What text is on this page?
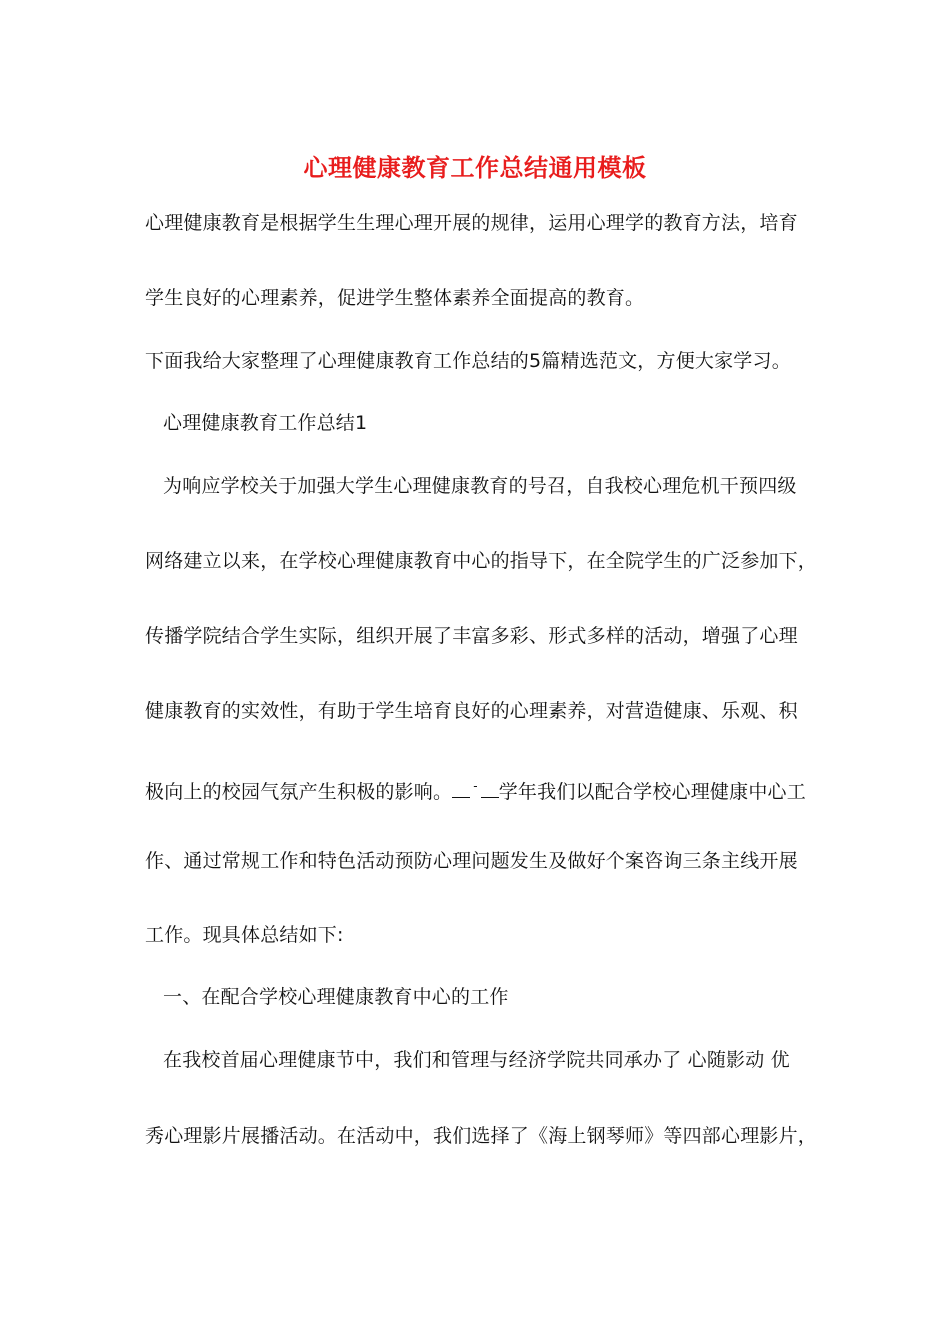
心理健康教育工作总结通用模板
心理健康教育是根据学生生理心理开展的规律，运用心理学的教育方法，培育
学生良好的心理素养，促进学生整体素养全面提高的教育。
下面我给大家整理了心理健康教育工作总结的5篇精选范文，方便大家学习。
心理健康教育工作总结1
为响应学校关于加强大学生心理健康教育的号召，自我校心理危机干预四级
网络建立以来，在学校心理健康教育中心的指导下，在全院学生的广泛参加下，
传播学院结合学生实际，组织开展了丰富多彩、形式多样的活动，增强了心理
健康教育的实效性，有助于学生培育良好的心理素养，对营造健康、乐观、积
极向上的校园气氛产生积极的影响。 - 学年我们以配合学校心理健康中心工
作、通过常规工作和特色活动预防心理问题发生及做好个案咨询三条主线开展
工作。现具体总结如下:
一、在配合学校心理健康教育中心的工作
在我校首届心理健康节中，我们和管理与经济学院共同承办了 心随影动 优
秀心理影片展播活动。在活动中，我们选择了《海上钢琴师》等四部心理影片，
